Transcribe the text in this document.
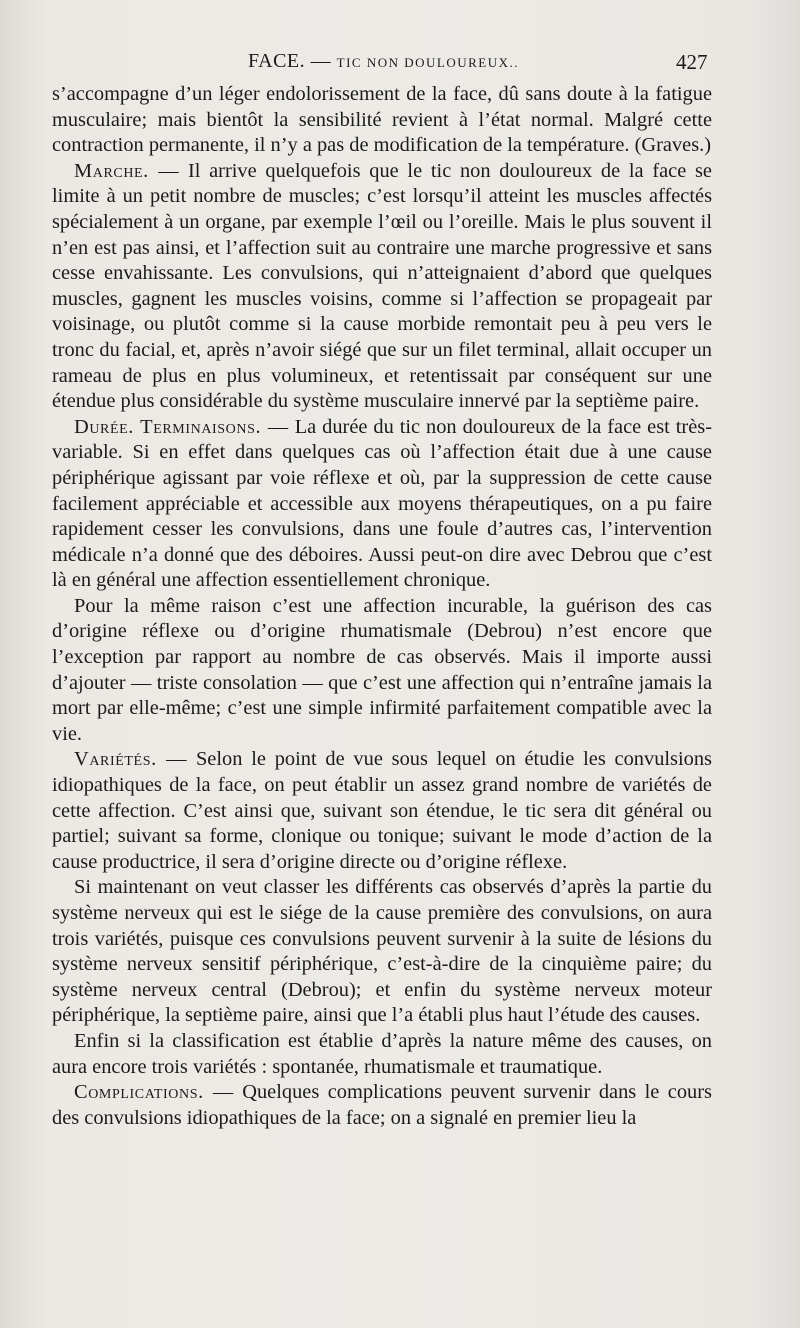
FACE. — TIC NON DOULOUREUX..	427

s’accompagne d’un léger endolorissement de la face, dû sans doute à la fatigue musculaire; mais bientôt la sensibilité revient à l’état normal. Malgré cette contraction permanente, il n’y a pas de modification de la température. (Graves.)

Marche. — Il arrive quelquefois que le tic non douloureux de la face se limite à un petit nombre de muscles; c’est lorsqu’il atteint les muscles affectés spécialement à un organe, par exemple l’œil ou l’oreille. Mais le plus souvent il n’en est pas ainsi, et l’affection suit au contraire une marche progressive et sans cesse envahissante. Les convulsions, qui n’atteignaient d’abord que quelques muscles, gagnent les muscles voisins, comme si l’affection se propageait par voisinage, ou plutôt comme si la cause morbide remontait peu à peu vers le tronc du facial, et, après n’avoir siégé que sur un filet terminal, allait occuper un rameau de plus en plus volumineux, et retentissait par conséquent sur une étendue plus considérable du système musculaire innervé par la septième paire.

Durée. Terminaisons. — La durée du tic non douloureux de la face est très-variable. Si en effet dans quelques cas où l’affection était due à une cause périphérique agissant par voie réflexe et où, par la suppression de cette cause facilement appréciable et accessible aux moyens thérapeutiques, on a pu faire rapidement cesser les convulsions, dans une foule d’autres cas, l’intervention médicale n’a donné que des déboires. Aussi peut-on dire avec Debrou que c’est là en général une affection essentiellement chronique.

Pour la même raison c’est une affection incurable, la guérison des cas d’origine réflexe ou d’origine rhumatismale (Debrou) n’est encore que l’exception par rapport au nombre de cas observés. Mais il importe aussi d’ajouter — triste consolation — que c’est une affection qui n’entraîne jamais la mort par elle-même; c’est une simple infirmité parfaitement compatible avec la vie.

Variétés. — Selon le point de vue sous lequel on étudie les convulsions idiopathiques de la face, on peut établir un assez grand nombre de variétés de cette affection. C’est ainsi que, suivant son étendue, le tic sera dit général ou partiel; suivant sa forme, clonique ou tonique; suivant le mode d’action de la cause productrice, il sera d’origine directe ou d’origine réflexe.

Si maintenant on veut classer les différents cas observés d’après la partie du système nerveux qui est le siége de la cause première des convulsions, on aura trois variétés, puisque ces convulsions peuvent survenir à la suite de lésions du système nerveux sensitif périphérique, c’est-à-dire de la cinquième paire; du système nerveux central (Debrou); et enfin du système nerveux moteur périphérique, la septième paire, ainsi que l’a établi plus haut l’étude des causes.

Enfin si la classification est établie d’après la nature même des causes, on aura encore trois variétés : spontanée, rhumatismale et traumatique.

Complications. — Quelques complications peuvent survenir dans le cours des convulsions idiopathiques de la face; on a signalé en premier lieu la
